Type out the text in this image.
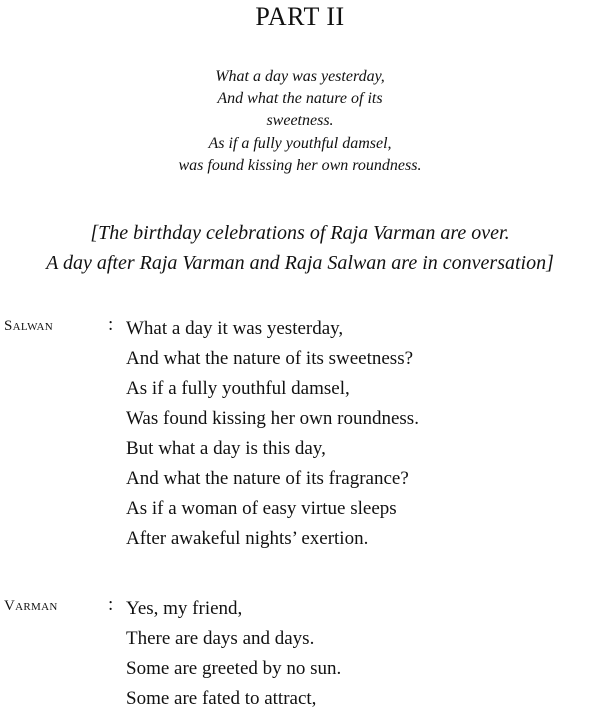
PART II
What a day was yesterday,
And what the nature of its
sweetness.
As if a fully youthful damsel,
was found kissing her own roundness.
[The birthday celebrations of Raja Varman are over.
A day after Raja Varman and Raja Salwan are in conversation]
Salwan	: What a day it was yesterday,
And what the nature of its sweetness?
As if a fully youthful damsel,
Was found kissing her own roundness.
But what a day is this day,
And what the nature of its fragrance?
As if a woman of easy virtue sleeps
After awakeful nights’ exertion.
Varman	: Yes, my friend,
There are days and days.
Some are greeted by no sun.
Some are fated to attract,
